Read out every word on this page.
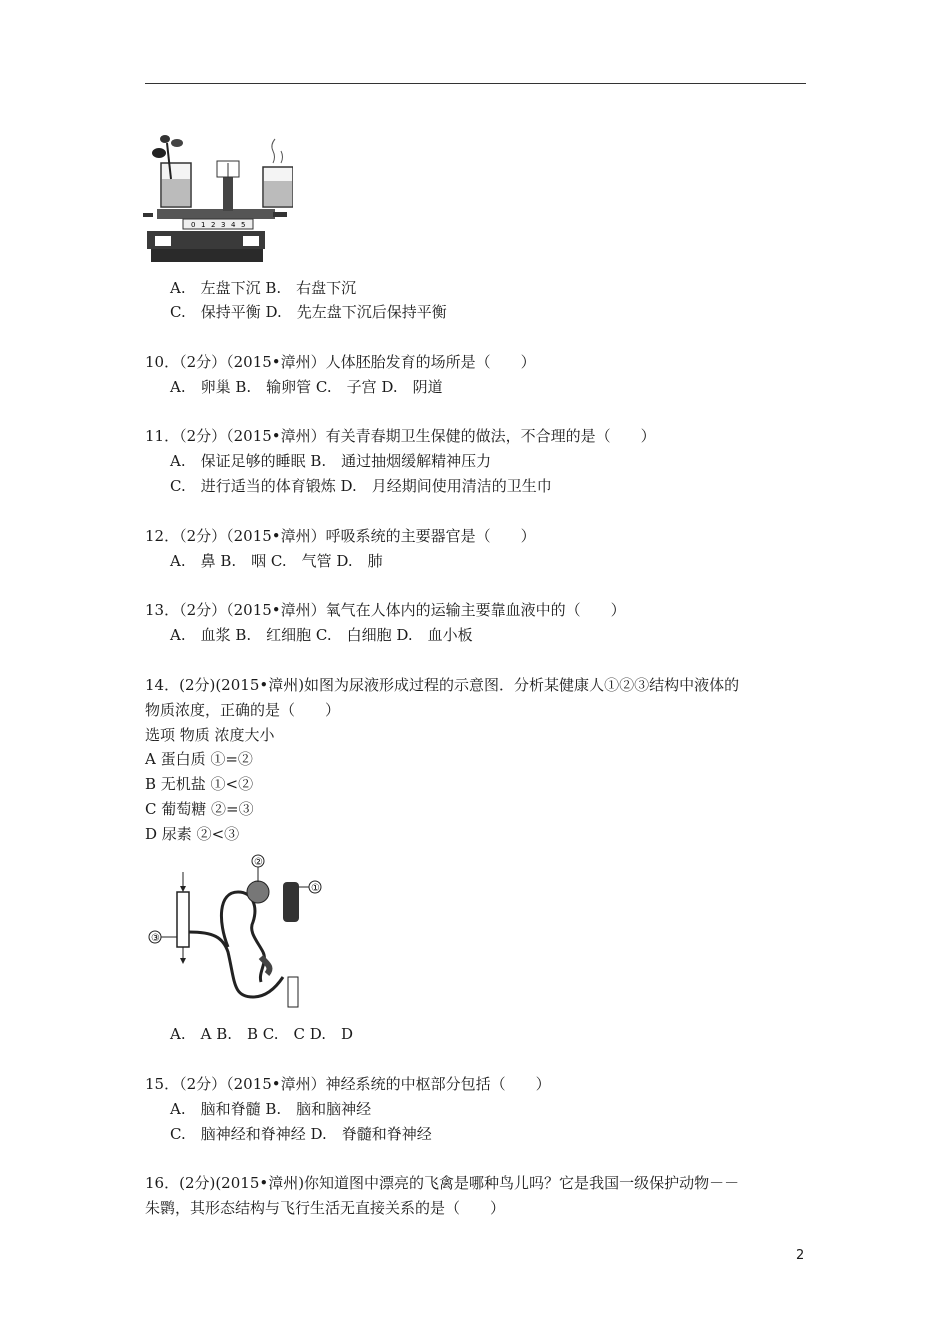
0 1 2 3 4 5
A.　左盘下沉 B.　右盘下沉
C.　保持平衡 D.　先左盘下沉后保持平衡
10．（2分）（2015•漳州）人体胚胎发育的场所是（　　）
A.　卵巢 B.　输卵管 C.　子宫 D.　阴道
11．（2分）（2015•漳州）有关青春期卫生保健的做法，不合理的是（　　）
A.　保证足够的睡眠 B.　通过抽烟缓解精神压力
C.　进行适当的体育锻炼 D.　月经期间使用清洁的卫生巾
12．（2分）（2015•漳州）呼吸系统的主要器官是（　　）
A.　鼻 B.　咽 C.　气管 D.　肺
13．（2分）（2015•漳州）氧气在人体内的运输主要靠血液中的（　　）
A.　血浆 B.　红细胞 C.　白细胞 D.　血小板
14．(2分)(2015•漳州)如图为尿液形成过程的示意图．分析某健康人①②③结构中液体的
物质浓度，正确的是（　　）
选项 物质 浓度大小
A 蛋白质 ①=②
B 无机盐 ①<②
C 葡萄糖 ②=③
D 尿素 ②<③
③
②
①
A.　A B.　B C.　C D.　D
15．（2分）（2015•漳州）神经系统的中枢部分包括（　　）
A.　脑和脊髓 B.　脑和脑神经
C.　脑神经和脊神经 D.　脊髓和脊神经
16．(2分)(2015•漳州)你知道图中漂亮的飞禽是哪种鸟儿吗？它是我国一级保护动物－－
朱鹮，其形态结构与飞行生活无直接关系的是（　　）
2
